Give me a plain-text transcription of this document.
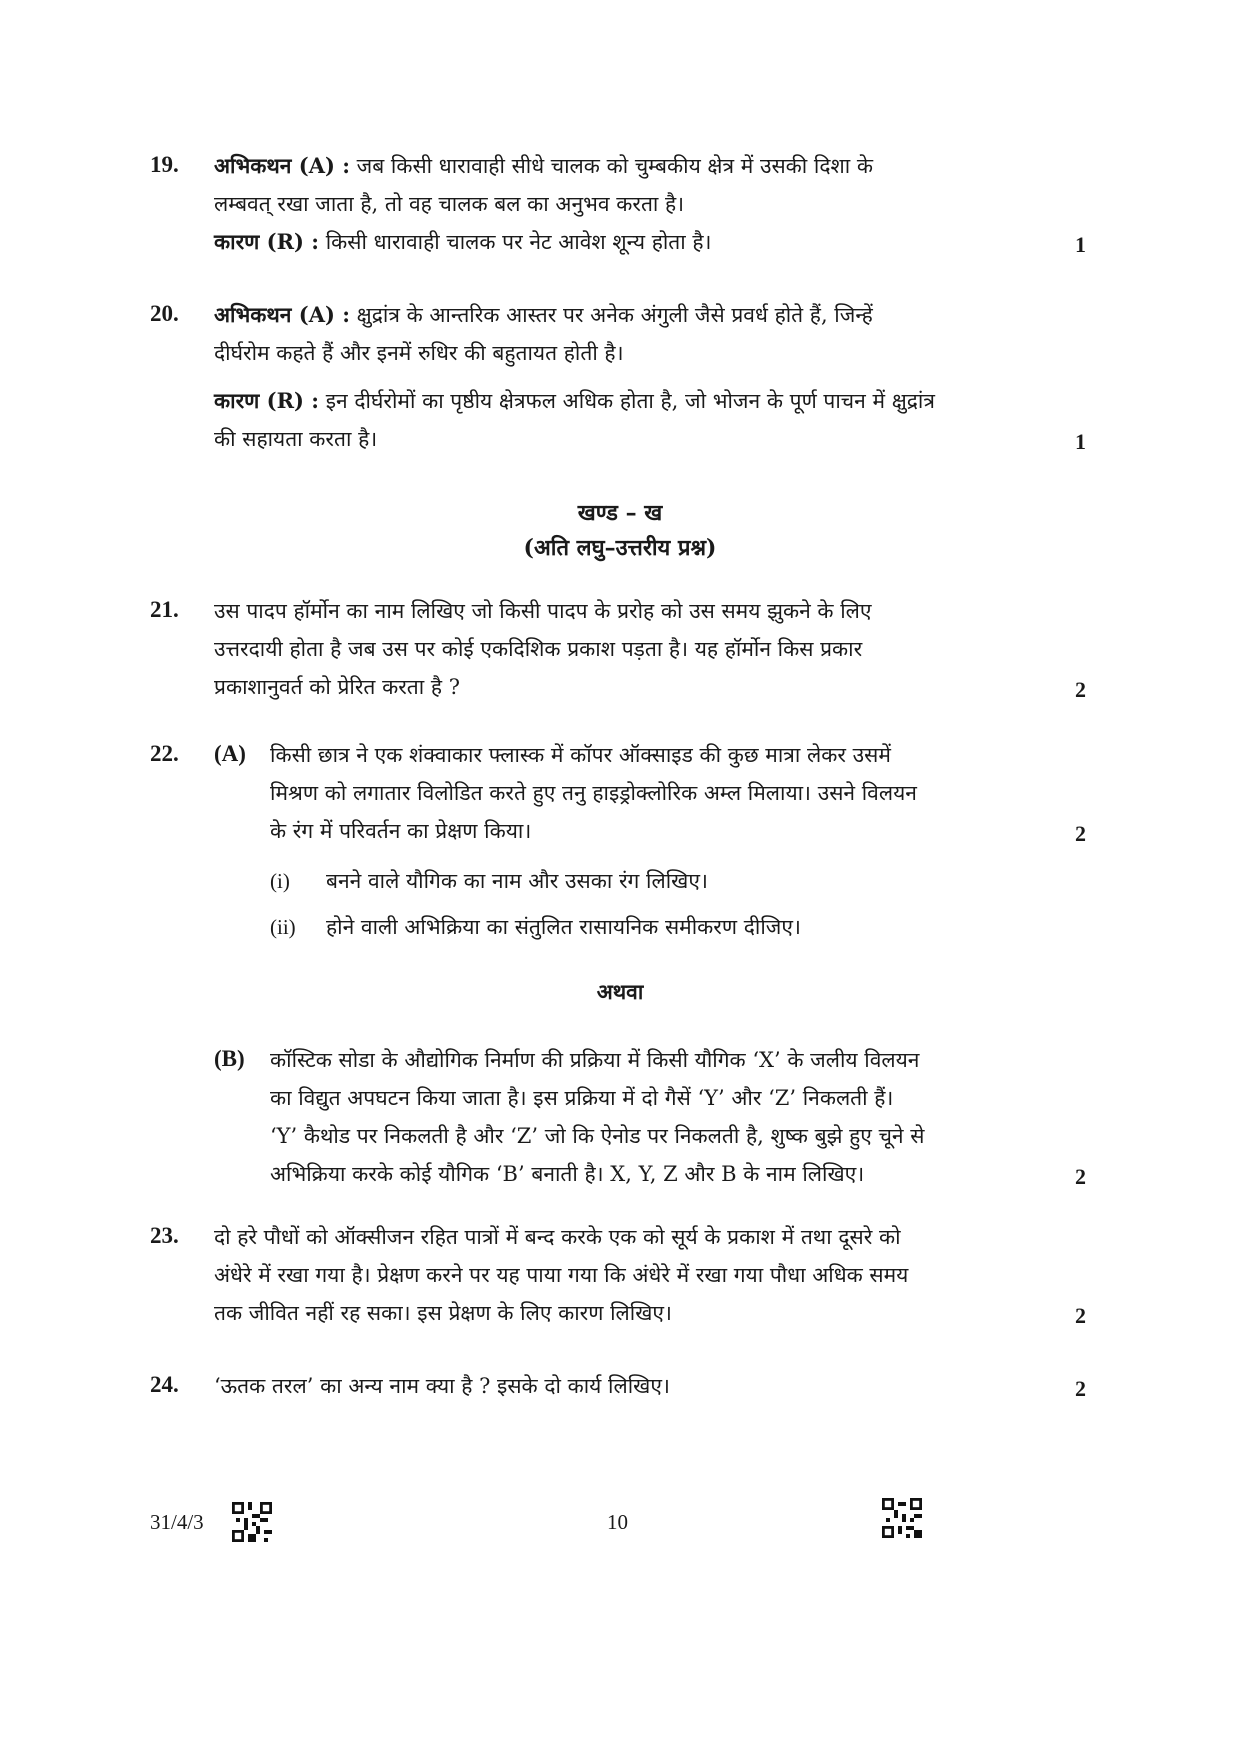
19. अभिकथन (A) : जब किसी धारावाही सीधे चालक को चुम्बकीय क्षेत्र में उसकी दिशा के
लम्बवत् रखा जाता है, तो वह चालक बल का अनुभव करता है।
कारण (R) : किसी धारावाही चालक पर नेट आवेश शून्य होता है।	1
20. अभिकथन (A) : क्षुद्रांत्र के आन्तरिक आस्तर पर अनेक अंगुली जैसे प्रवर्ध होते हैं, जिन्हें
दीर्घरोम कहते हैं और इनमें रुधिर की बहुतायत होती है।
कारण (R) : इन दीर्घरोमों का पृष्ठीय क्षेत्रफल अधिक होता है, जो भोजन के पूर्ण पाचन में क्षुद्रांत्र
की सहायता करता है।	1
खण्ड – ख
(अति लघु–उत्तरीय प्रश्न)
21. उस पादप हॉर्मोन का नाम लिखिए जो किसी पादप के प्ररोह को उस समय झुकने के लिए
उत्तरदायी होता है जब उस पर कोई एकदिशिक प्रकाश पड़ता है। यह हॉर्मोन किस प्रकार
प्रकाशानुवर्त को प्रेरित करता है ?	2
22. (A) किसी छात्र ने एक शंक्वाकार फ्लास्क में कॉपर ऑक्साइड की कुछ मात्रा लेकर उसमें
मिश्रण को लगातार विलोडित करते हुए तनु हाइड्रोक्लोरिक अम्ल मिलाया। उसने विलयन
के रंग में परिवर्तन का प्रेक्षण किया।	2
(i) बनने वाले यौगिक का नाम और उसका रंग लिखिए।
(ii) होने वाली अभिक्रिया का संतुलित रासायनिक समीकरण दीजिए।
अथवा
(B) कॉस्टिक सोडा के औद्योगिक निर्माण की प्रक्रिया में किसी यौगिक ‘X’ के जलीय विलयन
का विद्युत अपघटन किया जाता है। इस प्रक्रिया में दो गैसें ‘Y’ और ‘Z’ निकलती हैं।
‘Y’ कैथोड पर निकलती है और ‘Z’ जो कि ऐनोड पर निकलती है, शुष्क बुझे हुए चूने से
अभिक्रिया करके कोई यौगिक ‘B’ बनाती है। X, Y, Z और B के नाम लिखिए।	2
23. दो हरे पौधों को ऑक्सीजन रहित पात्रों में बन्द करके एक को सूर्य के प्रकाश में तथा दूसरे को
अंधेरे में रखा गया है। प्रेक्षण करने पर यह पाया गया कि अंधेरे में रखा गया पौधा अधिक समय
तक जीवित नहीं रह सका। इस प्रेक्षण के लिए कारण लिखिए।	2
24. ‘ऊतक तरल’ का अन्य नाम क्या है ? इसके दो कार्य लिखिए।	2
31/4/3	10
